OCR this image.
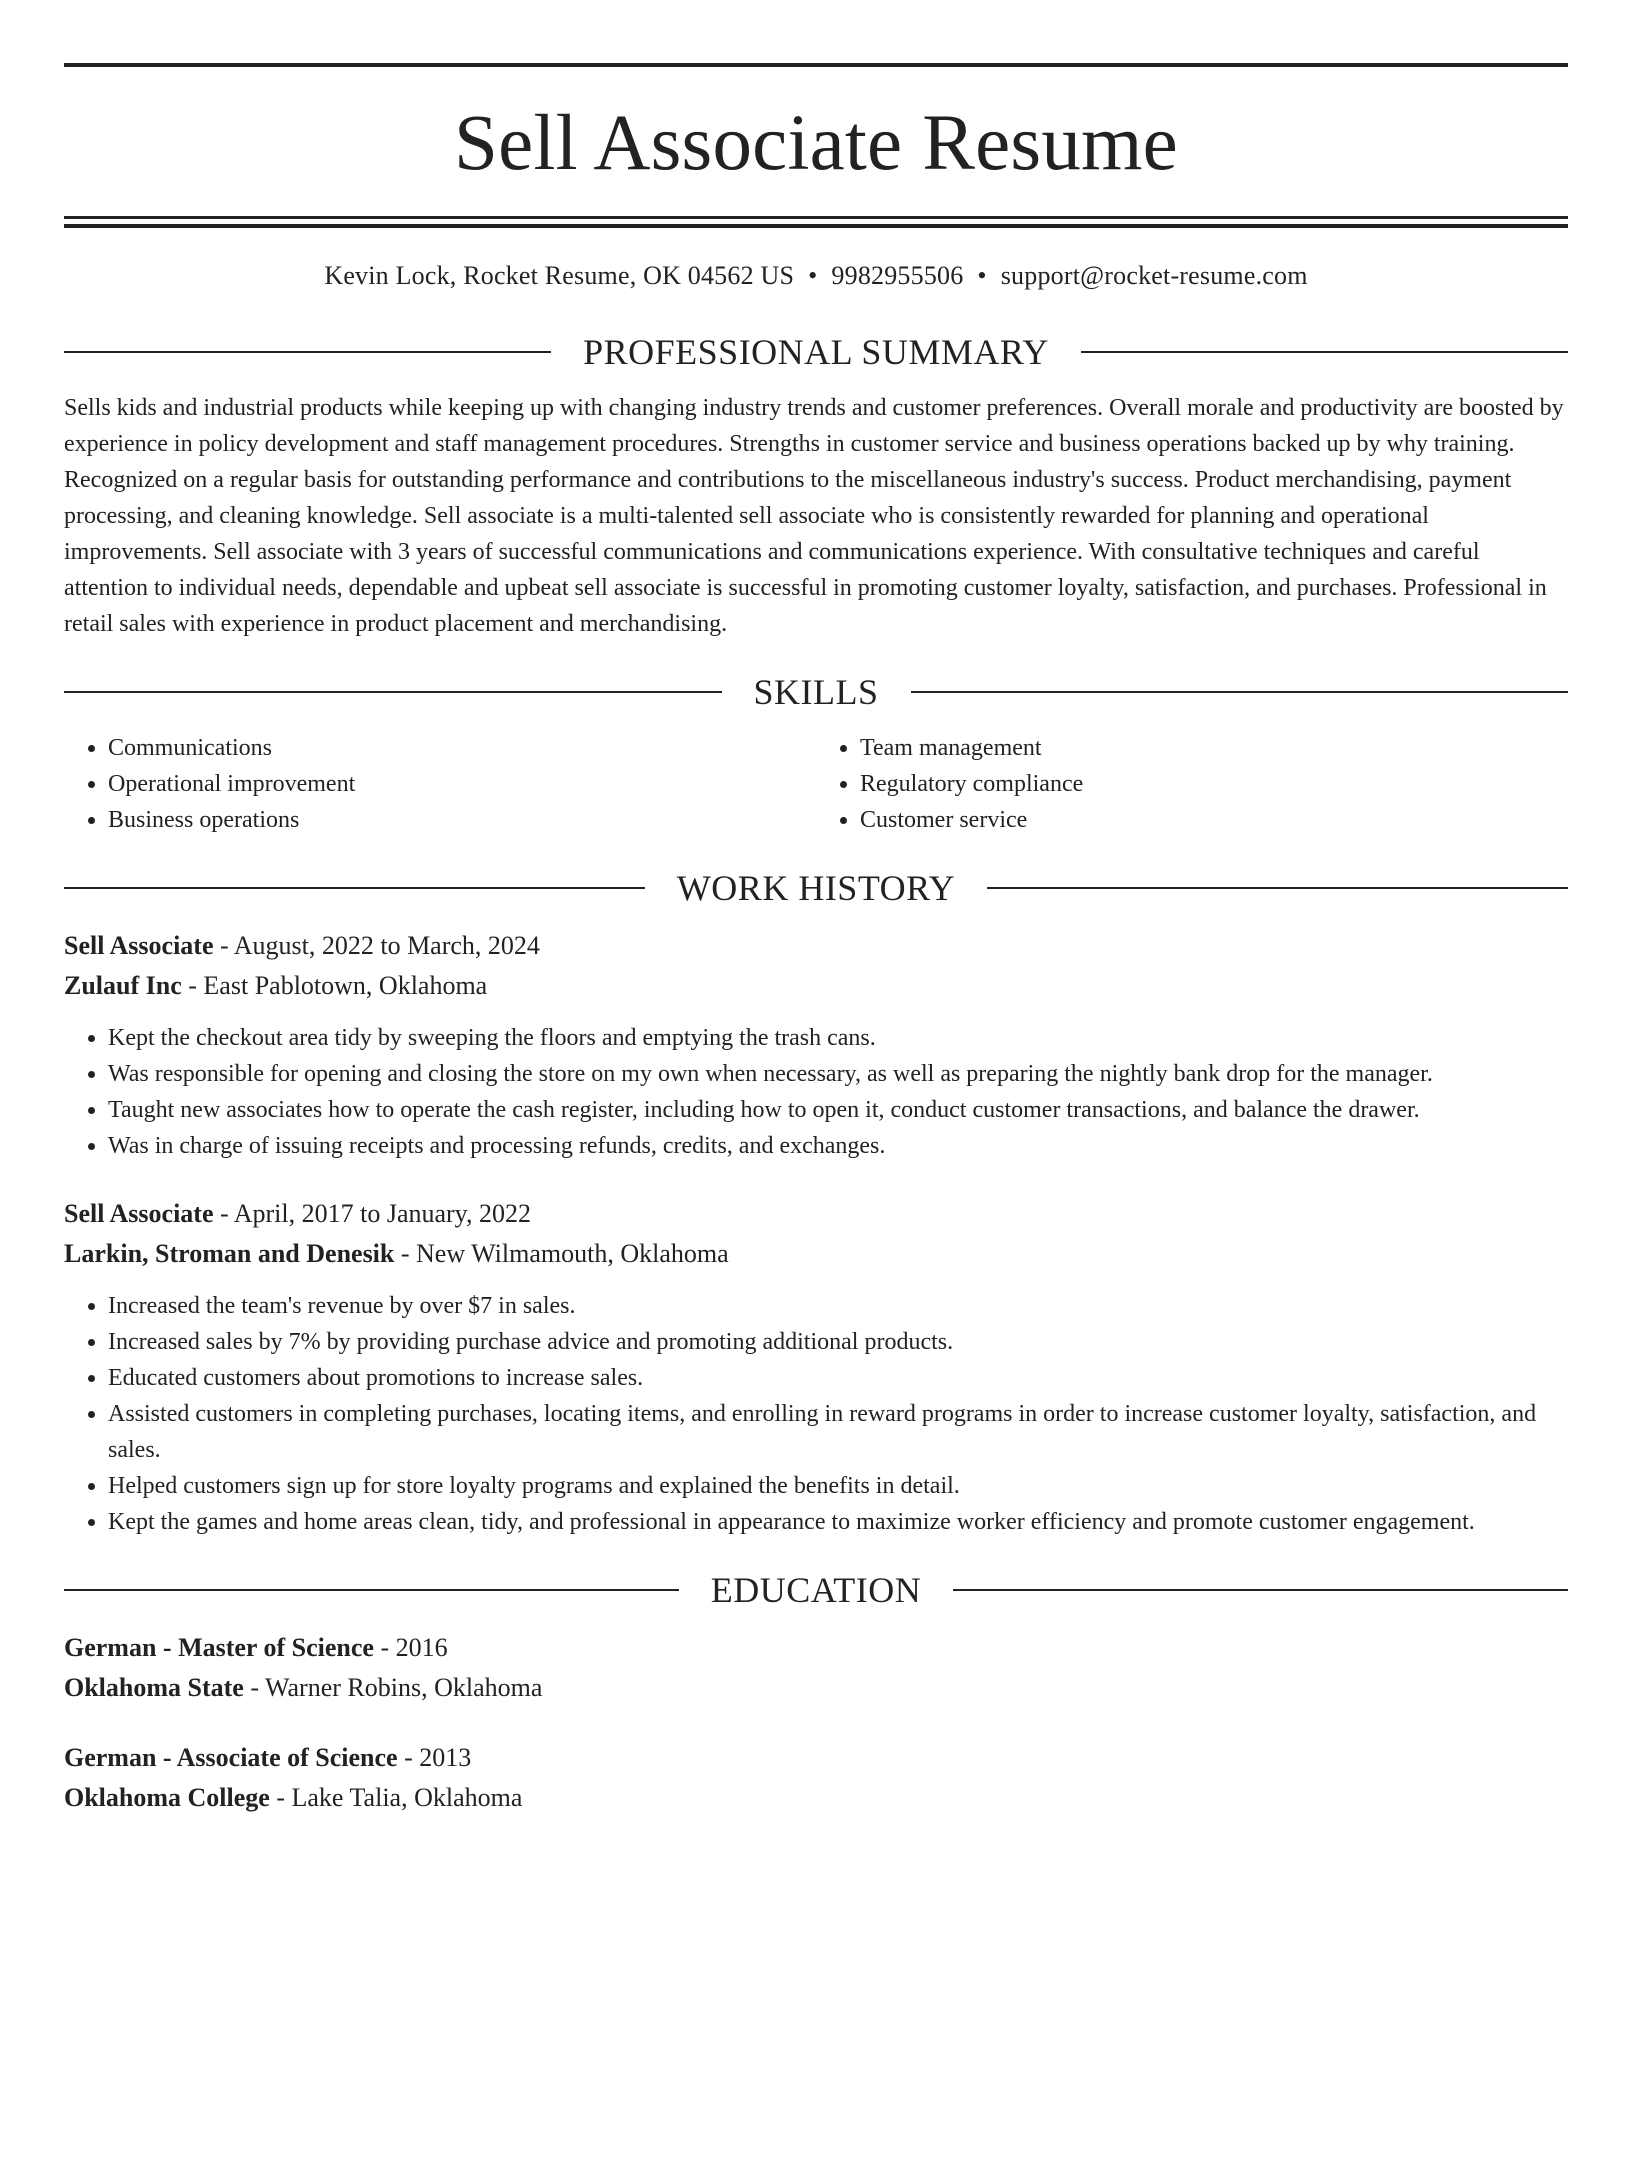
Sell Associate Resume
Kevin Lock, Rocket Resume, OK 04562 US • 9982955506 • support@rocket-resume.com
PROFESSIONAL SUMMARY

Sells kids and industrial products while keeping up with changing industry trends and customer preferences. Overall morale and productivity are boosted by experience in policy development and staff management procedures. Strengths in customer service and business operations backed up by why training. Recognized on a regular basis for outstanding performance and contributions to the miscellaneous industry's success. Product merchandising, payment processing, and cleaning knowledge. Sell associate is a multi-talented sell associate who is consistently rewarded for planning and operational improvements. Sell associate with 3 years of successful communications and communications experience. With consultative techniques and careful attention to individual needs, dependable and upbeat sell associate is successful in promoting customer loyalty, satisfaction, and purchases. Professional in retail sales with experience in product placement and merchandising.

SKILLS
• Communications
• Operational improvement
• Business operations
• Team management
• Regulatory compliance
• Customer service
WORK HISTORY
Sell Associate - August, 2022 to March, 2024
Zulauf Inc - East Pablotown, Oklahoma
• Kept the checkout area tidy by sweeping the floors and emptying the trash cans.
• Was responsible for opening and closing the store on my own when necessary, as well as preparing the nightly bank drop for the manager.
• Taught new associates how to operate the cash register, including how to open it, conduct customer transactions, and balance the drawer.
• Was in charge of issuing receipts and processing refunds, credits, and exchanges.
Sell Associate - April, 2017 to January, 2022
Larkin, Stroman and Denesik - New Wilmamouth, Oklahoma
• Increased the team's revenue by over $7 in sales.
• Increased sales by 7% by providing purchase advice and promoting additional products.
• Educated customers about promotions to increase sales.
• Assisted customers in completing purchases, locating items, and enrolling in reward programs in order to increase customer loyalty, satisfaction, and sales.
• Helped customers sign up for store loyalty programs and explained the benefits in detail.
• Kept the games and home areas clean, tidy, and professional in appearance to maximize worker efficiency and promote customer engagement.
EDUCATION
German - Master of Science - 2016
Oklahoma State - Warner Robins, Oklahoma
German - Associate of Science - 2013
Oklahoma College - Lake Talia, Oklahoma
